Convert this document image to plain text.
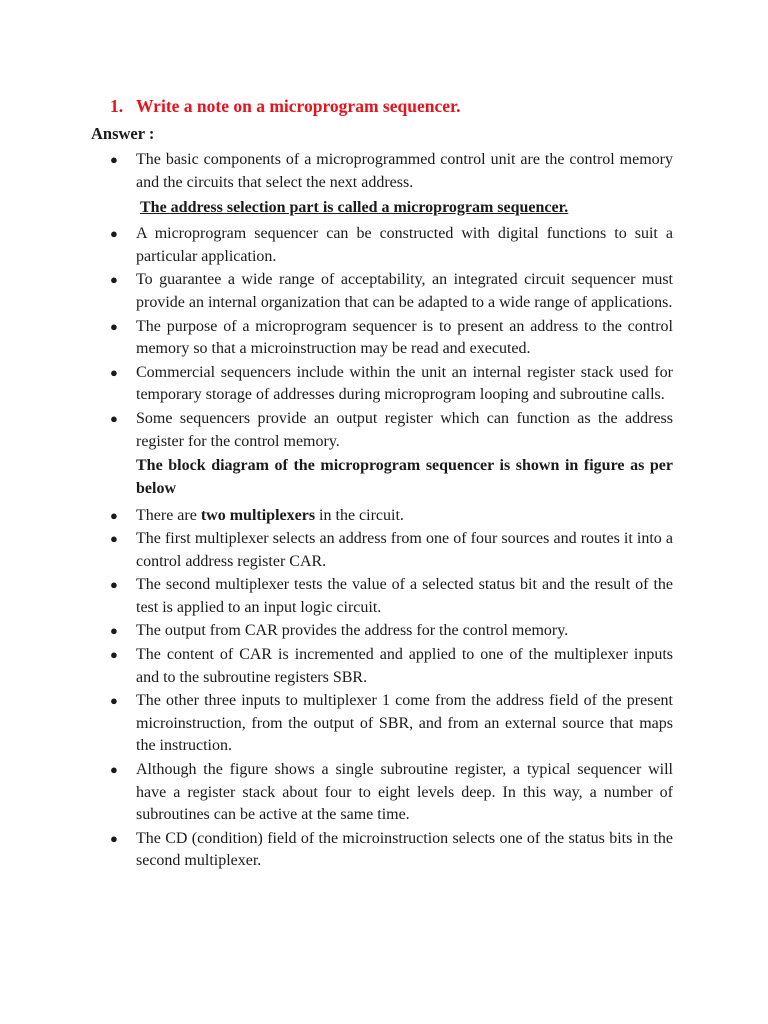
1. Write a note on a microprogram sequencer.
Answer :
● The basic components of a microprogrammed control unit are the control memory and the circuits that select the next address.
The address selection part is called a microprogram sequencer.
● A microprogram sequencer can be constructed with digital functions to suit a particular application.
● To guarantee a wide range of acceptability, an integrated circuit sequencer must provide an internal organization that can be adapted to a wide range of applications.
● The purpose of a microprogram sequencer is to present an address to the control memory so that a microinstruction may be read and executed.
● Commercial sequencers include within the unit an internal register stack used for temporary storage of addresses during microprogram looping and subroutine calls.
● Some sequencers provide an output register which can function as the address register for the control memory.
The block diagram of the microprogram sequencer is shown in figure as per below
● There are two multiplexers in the circuit.
● The first multiplexer selects an address from one of four sources and routes it into a control address register CAR.
● The second multiplexer tests the value of a selected status bit and the result of the test is applied to an input logic circuit.
● The output from CAR provides the address for the control memory.
● The content of CAR is incremented and applied to one of the multiplexer inputs and to the subroutine registers SBR.
● The other three inputs to multiplexer 1 come from the address field of the present microinstruction, from the output of SBR, and from an external source that maps the instruction.
● Although the figure shows a single subroutine register, a typical sequencer will have a register stack about four to eight levels deep. In this way, a number of subroutines can be active at the same time.
● The CD (condition) field of the microinstruction selects one of the status bits in the second multiplexer.
